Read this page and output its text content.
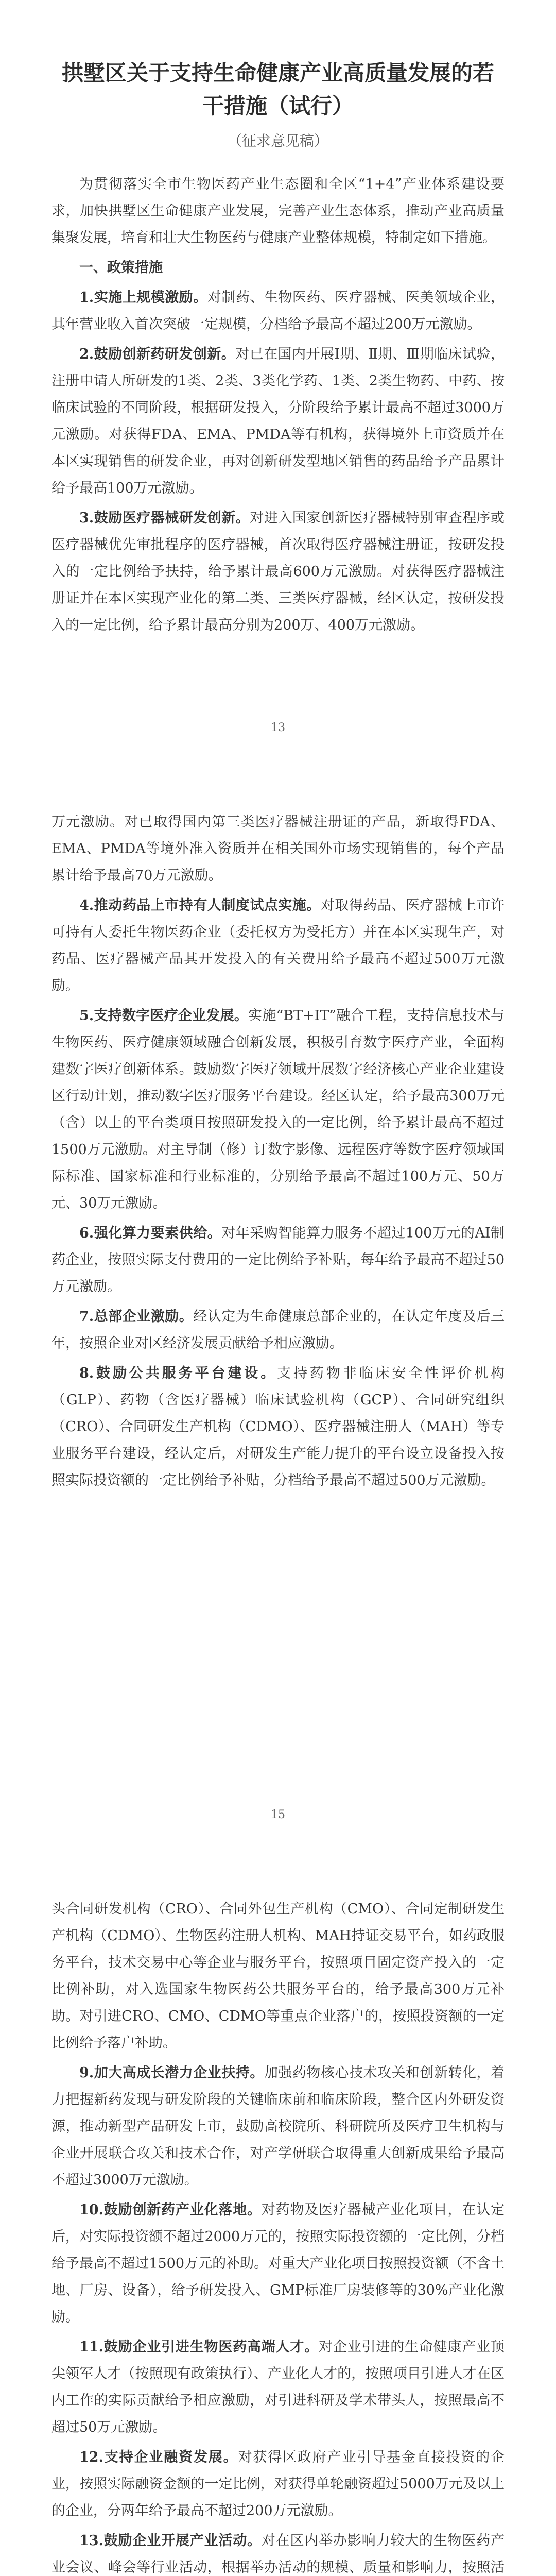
拱墅区关于支持生命健康产业高质量发展的若干措施（试行）
（征求意见稿）

为贯彻落实全市生物医药产业生态圈和全区“1+4”产业体系建设要求，加快拱墅区生命健康产业发展，完善产业生态体系，推动产业高质量集聚发展，培育和壮大生物医药与健康产业整体规模，特制定如下措施。

一、政策措施

1.实施上规模激励。对制药、生物医药、医疗器械、医美领域企业，其年营业收入首次突破一定规模，分档给予最高不超过200万元激励。

2.鼓励创新药研发创新。对已在国内开展Ⅰ期、Ⅱ期、Ⅲ期临床试验，注册申请人所研发的1类、2类、3类化学药、1类、2类生物药、中药、按临床试验的不同阶段，根据研发投入，分阶段给予累计最高不超过3000万元激励。对获得FDA、EMA、PMDA等有机构，获得境外上市资质并在本区实现销售的研发企业，再对创新研发型地区销售的药品给予产品累计给予最高100万元激励。

3.鼓励医疗器械研发创新。对进入国家创新医疗器械特别审查程序或医疗器械优先审批程序的医疗器械，首次取得医疗器械注册证，按研发投入的一定比例给予扶持，给予累计最高600万元激励。对获得医疗器械注册证并在本区实现产业化的第二类、三类医疗器械，经区认定，按研发投入的一定比例，给予累计最高分别为200万、400万元激励。

13

万元激励。对已取得国内第三类医疗器械注册证的产品，新取得FDA、EMA、PMDA等境外准入资质并在相关国外市场实现销售的，每个产品累计给予最高70万元激励。

4.推动药品上市持有人制度试点实施。对取得药品、医疗器械上市许可持有人委托生物医药企业（委托权方为受托方）并在本区实现生产，对药品、医疗器械产品其开发投入的有关费用给予最高不超过500万元激励。

5.支持数字医疗企业发展。实施“BT+IT”融合工程，支持信息技术与生物医药、医疗健康领域融合创新发展，积极引育数字医疗产业，全面构建数字医疗创新体系。鼓励数字医疗领域开展数字经济核心产业企业建设区行动计划，推动数字医疗服务平台建设。经区认定，给予最高300万元（含）以上的平台类项目按照研发投入的一定比例，给予累计最高不超过1500万元激励。对主导制（修）订数字影像、远程医疗等数字医疗领域国际标准、国家标准和行业标准的，分别给予最高不超过100万元、50万元、30万元激励。

6.强化算力要素供给。对年采购智能算力服务不超过100万元的AI制药企业，按照实际支付费用的一定比例给予补贴，每年给予最高不超过50万元激励。

7.总部企业激励。经认定为生命健康总部企业的，在认定年度及后三年，按照企业对区经济发展贡献给予相应激励。

8.鼓励公共服务平台建设。支持药物非临床安全性评价机构（GLP）、药物（含医疗器械）临床试验机构（GCP）、合同研究组织（CRO）、合同研发生产机构（CDMO）、医疗器械注册人（MAH）等专业服务平台建设，经认定后，对研发生产能力提升的平台设立设备投入按照实际投资额的一定比例给予补贴，分档给予最高不超过500万元激励。

15

头合同研发机构（CRO）、合同外包生产机构（CMO）、合同定制研发生产机构（CDMO）、生物医药注册人机构、MAH持证交易平台，如药政服务平台，技术交易中心等企业与服务平台，按照项目固定资产投入的一定比例补助，对入选国家生物医药公共服务平台的，给予最高300万元补助。对引进CRO、CMO、CDMO等重点企业落户的，按照投资额的一定比例给予落户补助。

9.加大高成长潜力企业扶持。加强药物核心技术攻关和创新转化，着力把握新药发现与研发阶段的关键临床前和临床阶段，整合区内外研发资源，推动新型产品研发上市，鼓励高校院所、科研院所及医疗卫生机构与企业开展联合攻关和技术合作，对产学研联合取得重大创新成果给予最高不超过3000万元激励。

10.鼓励创新药产业化落地。对药物及医疗器械产业化项目，在认定后，对实际投资额不超过2000万元的，按照实际投资额的一定比例，分档给予最高不超过1500万元的补助。对重大产业化项目按照投资额（不含土地、厂房、设备），给予研发投入、GMP标准厂房装修等的30%产业化激励。

11.鼓励企业引进生物医药高端人才。对企业引进的生命健康产业顶尖领军人才（按照现有政策执行）、产业化人才的，按照项目引进人才在区内工作的实际贡献给予相应激励，对引进科研及学术带头人，按照最高不超过50万元激励。

12.支持企业融资发展。对获得区政府产业引导基金直接投资的企业，按照实际融资金额的一定比例，对获得单轮融资超过5000万元及以上的企业，分两年给予最高不超过200万元激励。

13.鼓励企业开展产业活动。对在区内举办影响力较大的生物医药产业会议、峰会等行业活动，根据举办活动的规模、质量和影响力，按照活
